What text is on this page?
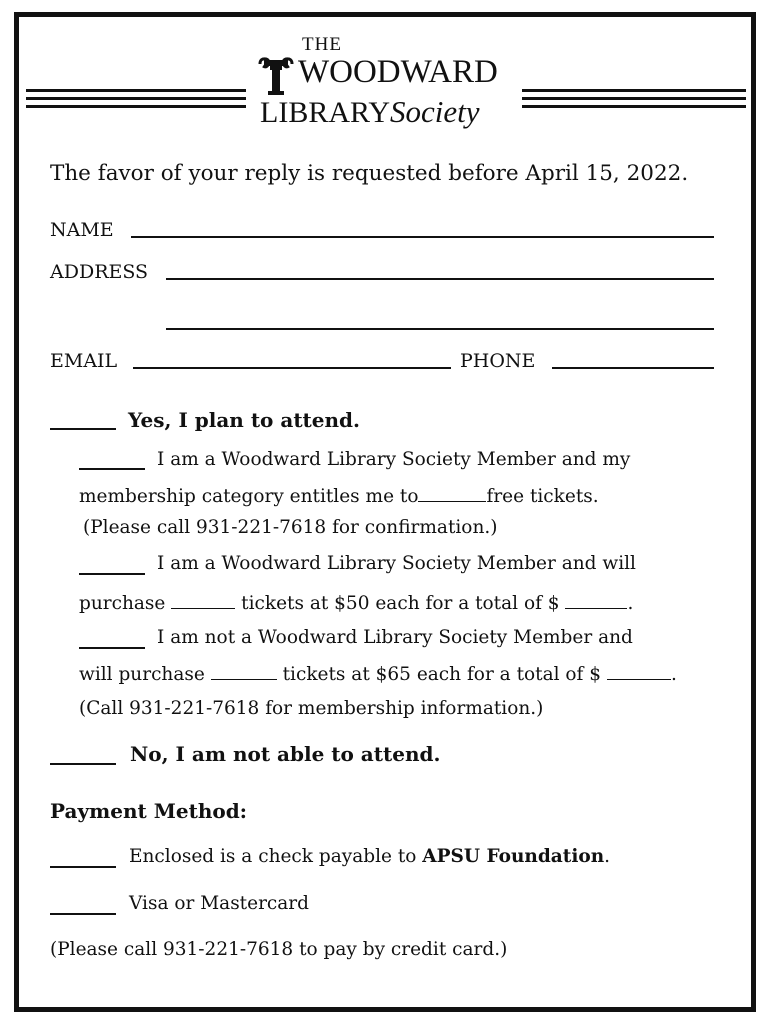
THE
WOODWARD
LIBRARYSociety
The favor of your reply is requested before April 15, 2022.
NAME
ADDRESS
EMAIL	PHONE
Yes, I plan to attend.
I am a Woodward Library Society Member and my
membership category entitles me to	free tickets.
(Please call 931-221-7618 for confirmation.)
I am a Woodward Library Society Member and will
purchase	tickets at $50 each for a total of $	.
I am not a Woodward Library Society Member and
will purchase	tickets at $65 each for a total of $	.
(Call 931-221-7618 for membership information.)
No, I am not able to attend.
Payment Method:
Enclosed is a check payable to APSU Foundation.
Visa or Mastercard
(Please call 931-221-7618 to pay by credit card.)
